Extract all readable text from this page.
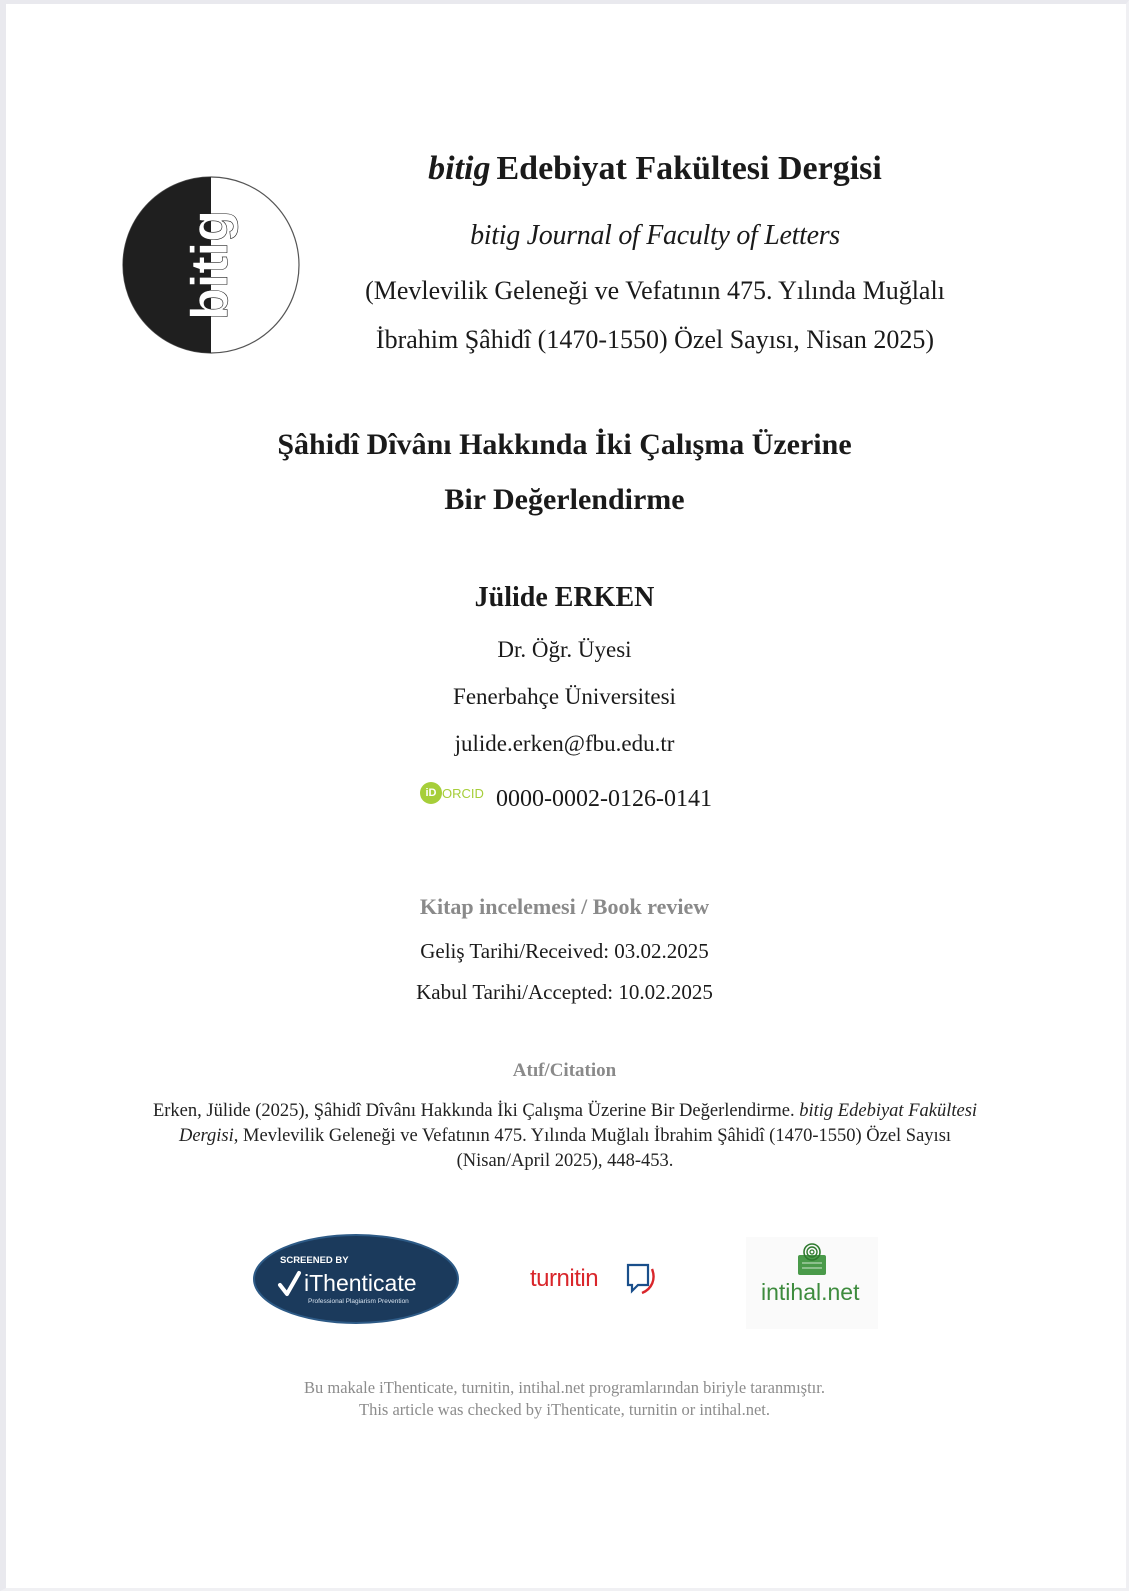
bitig
bitig Edebiyat Fakültesi Dergisi
bitig Journal of Faculty of Letters
(Mevlevilik Geleneği ve Vefatının 475. Yılında Muğlalı
İbrahim Şâhidî (1470-1550) Özel Sayısı, Nisan 2025)
Şâhidî Dîvânı Hakkında İki Çalışma Üzerine
Bir Değerlendirme
Jülide ERKEN
Dr. Öğr. Üyesi
Fenerbahçe Üniversitesi
julide.erken@fbu.edu.tr
iD ORCID 0000-0002-0126-0141
Kitap incelemesi / Book review
Geliş Tarihi/Received: 03.02.2025
Kabul Tarihi/Accepted: 10.02.2025
Atıf/Citation
Erken, Jülide (2025), Şâhidî Dîvânı Hakkında İki Çalışma Üzerine Bir Değerlendirme. bitig Edebiyat Fakültesi Dergisi, Mevlevilik Geleneği ve Vefatının 475. Yılında Muğlalı İbrahim Şâhidî (1470-1550) Özel Sayısı (Nisan/April 2025), 448-453.
SCREENED BY
iThenticate
Professional Plagiarism Prevention
turnitin	intihal.net
Bu makale iThenticate, turnitin, intihal.net programlarından biriyle taranmıştır.
This article was checked by iThenticate, turnitin or intihal.net.
